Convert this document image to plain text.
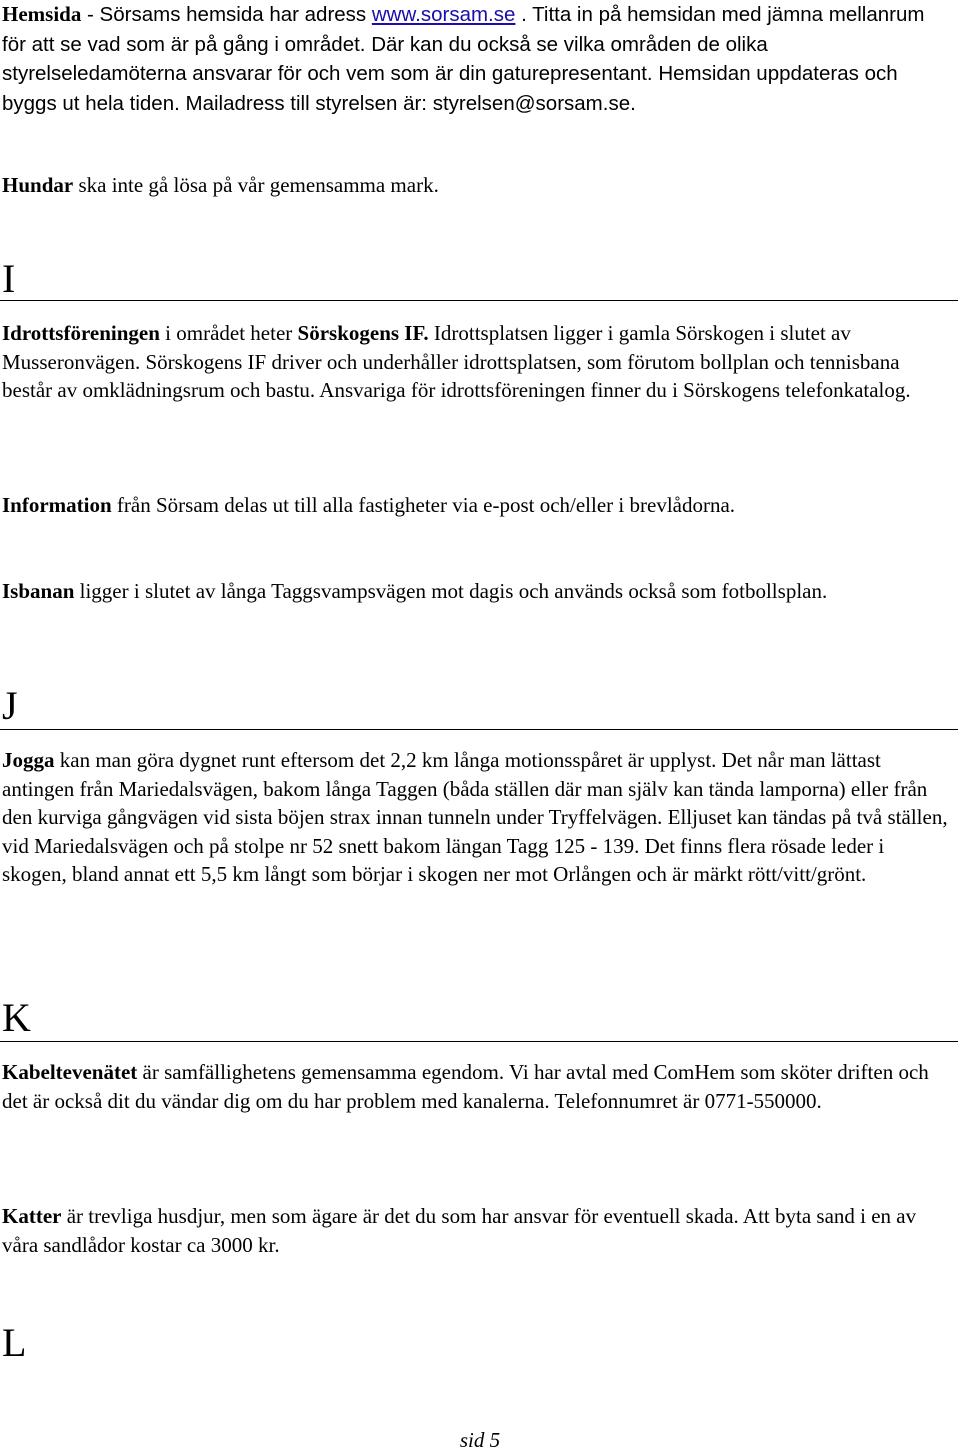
Hemsida - Sörsams hemsida har adress www.sorsam.se . Titta in på hemsidan med jämna mellanrum för att se vad som är på gång i området. Där kan du också se vilka områden de olika styrelseledamöterna ansvarar för och vem som är din gaturepresentant. Hemsidan uppdateras och byggs ut hela tiden. Mailadress till styrelsen är: styrelsen@sorsam.se.

Hundar ska inte gå lösa på vår gemensamma mark.

I

Idrottsföreningen i området heter Sörskogens IF. Idrottsplatsen ligger i gamla Sörskogen i slutet av Musseronvägen. Sörskogens IF driver och underhåller idrottsplatsen, som förutom bollplan och tennisbana består av omklädningsrum och bastu. Ansvariga för idrottsföreningen finner du i Sörskogens telefonkatalog.

Information från Sörsam delas ut till alla fastigheter via e-post och/eller i brevlådorna.

Isbanan ligger i slutet av långa Taggsvampsvägen mot dagis och används också som fotbollsplan.

J

Jogga kan man göra dygnet runt eftersom det 2,2 km långa motionsspåret är upplyst. Det når man lättast antingen från Mariedalsvägen, bakom långa Taggen (båda ställen där man själv kan tända lamporna) eller från den kurviga gångvägen vid sista böjen strax innan tunneln under Tryffelvägen. Elljuset kan tändas på två ställen, vid Mariedalsvägen och på stolpe nr 52 snett bakom längan Tagg 125 - 139. Det finns flera rösade leder i skogen, bland annat ett 5,5 km långt som börjar i skogen ner mot Orlången och är märkt rött/vitt/grönt.

K

Kabeltevenätet är samfällighetens gemensamma egendom. Vi har avtal med ComHem som sköter driften och det är också dit du vändar dig om du har problem med kanalerna. Telefonnumret är 0771-550000.

Katter är trevliga husdjur, men som ägare är det du som har ansvar för eventuell skada. Att byta sand i en av våra sandlådor kostar ca 3000 kr.

L
sid 5
